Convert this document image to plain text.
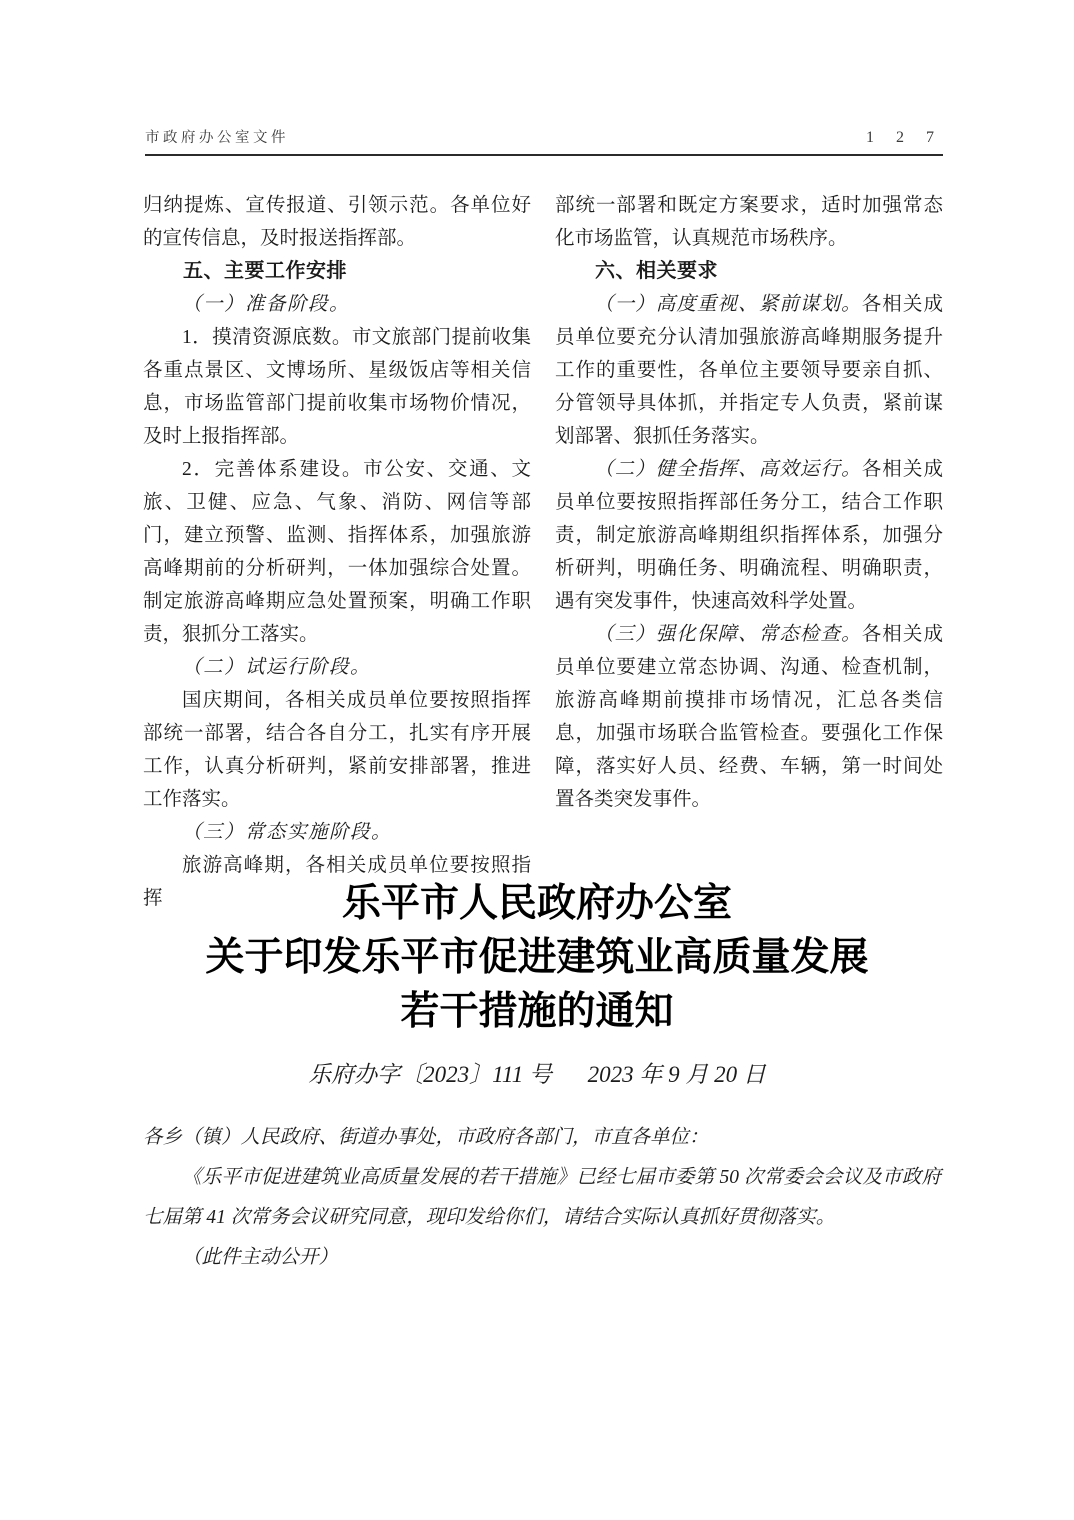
市政府办公室文件	1 2 7

归纳提炼、宣传报道、引领示范。各单位好的宣传信息，及时报送指挥部。

五、主要工作安排

（一）准备阶段。

1．摸清资源底数。市文旅部门提前收集各重点景区、文博场所、星级饭店等相关信息，市场监管部门提前收集市场物价情况，及时上报指挥部。

2．完善体系建设。市公安、交通、文旅、卫健、应急、气象、消防、网信等部门，建立预警、监测、指挥体系，加强旅游高峰期前的分析研判，一体加强综合处置。制定旅游高峰期应急处置预案，明确工作职责，狠抓分工落实。

（二）试运行阶段。

国庆期间，各相关成员单位要按照指挥部统一部署，结合各自分工，扎实有序开展工作，认真分析研判，紧前安排部署，推进工作落实。

（三）常态实施阶段。

旅游高峰期，各相关成员单位要按照指挥

部统一部署和既定方案要求，适时加强常态化市场监管，认真规范市场秩序。

六、相关要求

（一）高度重视、紧前谋划。各相关成员单位要充分认清加强旅游高峰期服务提升工作的重要性，各单位主要领导要亲自抓、分管领导具体抓，并指定专人负责，紧前谋划部署、狠抓任务落实。

（二）健全指挥、高效运行。各相关成员单位要按照指挥部任务分工，结合工作职责，制定旅游高峰期组织指挥体系，加强分析研判，明确任务、明确流程、明确职责，遇有突发事件，快速高效科学处置。

（三）强化保障、常态检查。各相关成员单位要建立常态协调、沟通、检查机制，旅游高峰期前摸排市场情况，汇总各类信息，加强市场联合监管检查。要强化工作保障，落实好人员、经费、车辆，第一时间处置各类突发事件。

乐平市人民政府办公室
关于印发乐平市促进建筑业高质量发展
若干措施的通知
乐府办字〔2023〕111 号 2023 年 9 月 20 日

各乡（镇）人民政府、街道办事处，市政府各部门，市直各单位：

《乐平市促进建筑业高质量发展的若干措施》已经七届市委第 50 次常委会会议及市政府七届第 41 次常务会议研究同意，现印发给你们，请结合实际认真抓好贯彻落实。

（此件主动公开）
